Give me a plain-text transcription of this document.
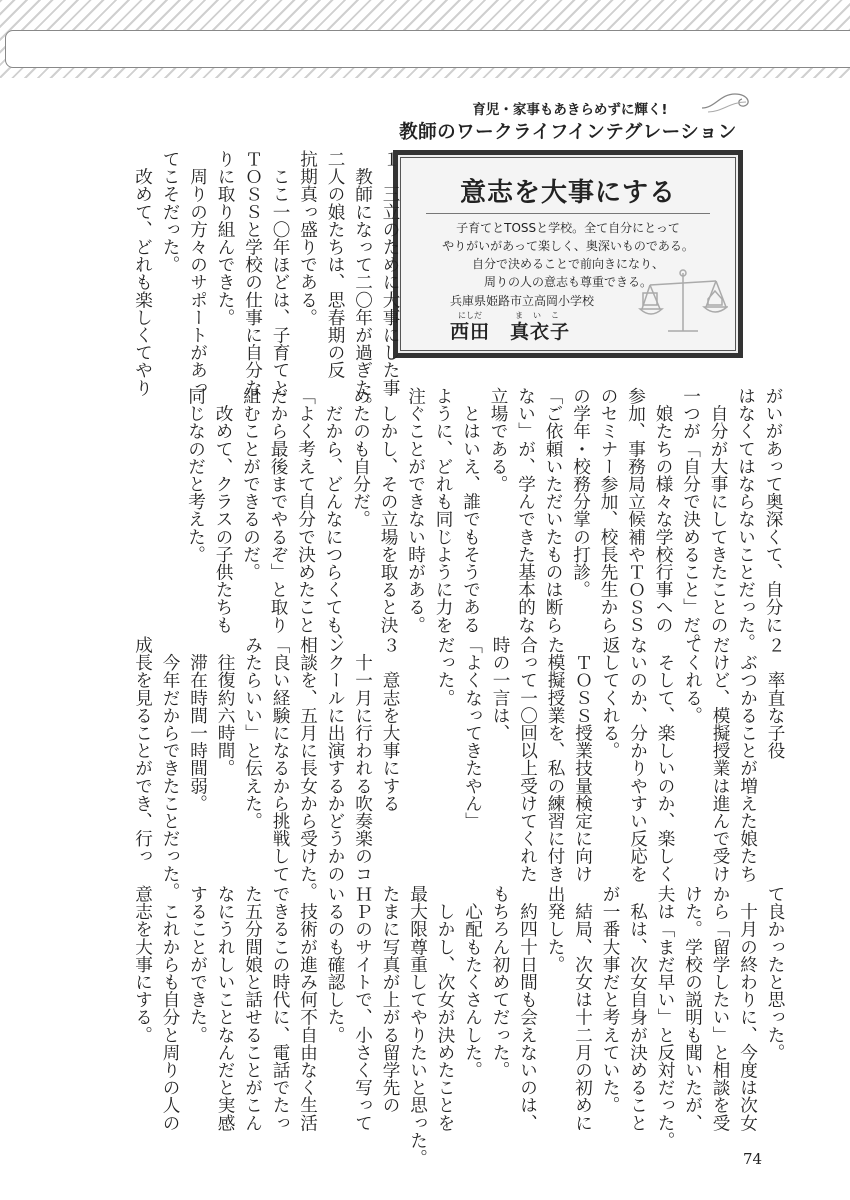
育児・家事もあきらめずに輝く!
教師のワークライフインテグレーション
意志を大事にする
子育てとTOSSと学校。全て自分にとって
やりがいがあって楽しく、奥深いものである。
自分で決めることで前向きになり、
周りの人の意志も尊重できる。
兵庫県姫路市立高岡小学校
にしだ	ま い こ
西田　真衣子
１　三立のために大事にした事
　教師になって二〇年が過ぎた。
二人の娘たちは、思春期の反
抗期真っ盛りである。
　ここ一〇年ほどは、子育てと
ＴＯＳＳと学校の仕事に自分な
りに取り組んできた。
　周りの方々のサポートがあっ
てこそだった。
　改めて、どれも楽しくてやり
がいがあって奥深くて、自分に
はなくてはならないことだった。
　自分が大事にしてきたことの
一つが「自分で決めること」だ。
　娘たちの様々な学校行事への
参加、事務局立候補やＴＯＳＳ
のセミナー参加、校長先生から
の学年・校務分掌の打診。
「ご依頼いただいたものは断ら
ない」が、学んできた基本的な
立場である。
　とはいえ、誰でもそうである
ように、どれも同じように力を
注ぐことができない時がある。
　しかし、その立場を取ると決
めたのも自分だ。
　だから、どんなにつらくても、
「よく考えて自分で決めたこと
だから最後までやるぞ」と取り
組むことができるのだ。
　改めて、クラスの子供たちも
同じなのだと考えた。
２　率直な子役
　ぶつかることが増えた娘たち
だけど、模擬授業は進んで受け
てくれる。
　そして、楽しいのか、楽しく
ないのか、分かりやすい反応を
返してくれる。
　ＴＯＳＳ授業技量検定に向け
た模擬授業を、私の練習に付き
合って一〇回以上受けてくれた
時の一言は、
「よくなってきたやん」
だった。

３　意志を大事にする
　十一月に行われる吹奏楽のコ
ンクールに出演するかどうかの
相談を、五月に長女から受けた。
「良い経験になるから挑戦して
みたらいい」と伝えた。
　往復約六時間。
　滞在時間一時間弱。
　今年だからできたことだった。
成長を見ることができ、行っ
て良かったと思った。
　十月の終わりに、今度は次女
から「留学したい」と相談を受
けた。学校の説明も聞いたが、
夫は「まだ早い」と反対だった。
　私は、次女自身が決めること
が一番大事だと考えていた。
　結局、次女は十二月の初めに
出発した。
　約四十日間も会えないのは、
もちろん初めてだった。
　心配もたくさんした。
　しかし、次女が決めたことを
最大限尊重してやりたいと思った。
たまに写真が上がる留学先の
ＨＰのサイトで、小さく写って
いるのも確認した。
　技術が進み何不自由なく生活
できるこの時代に、電話でたっ
た五分間娘と話せることがこん
なにうれしいことなんだと実感
することができた。
　これからも自分と周りの人の
意志を大事にする。
74
